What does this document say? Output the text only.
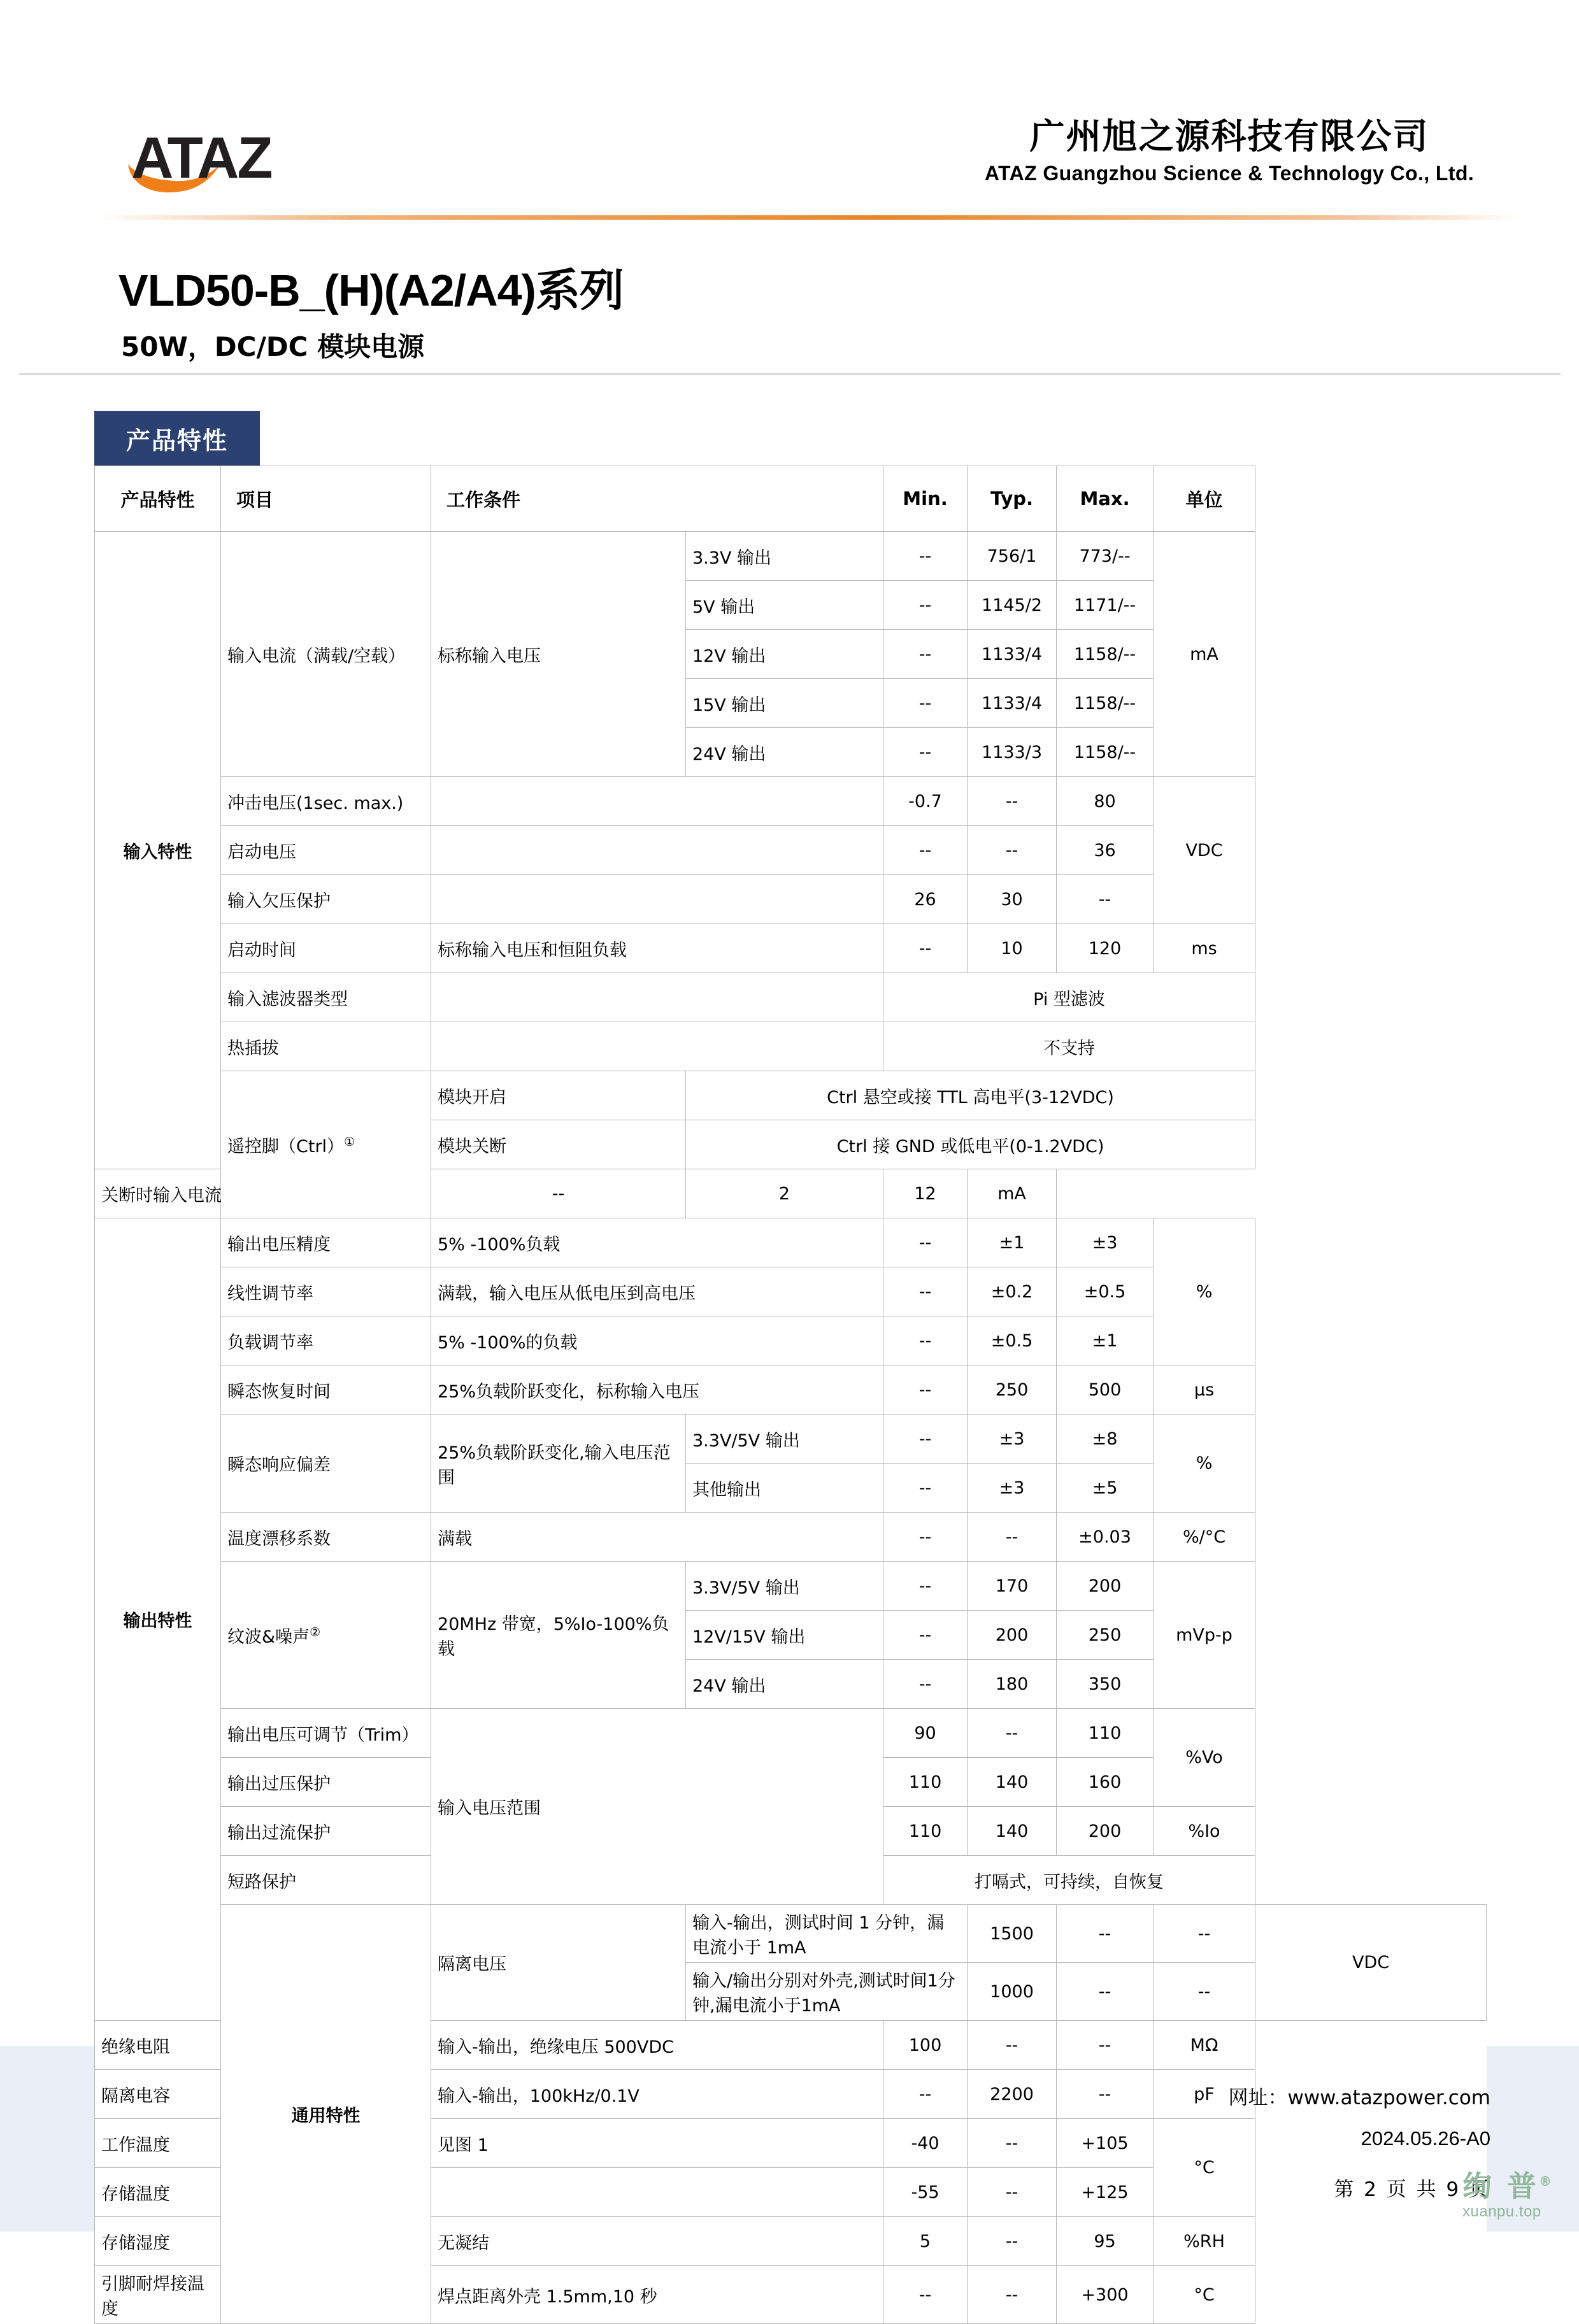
ATAZ	广州旭之源科技有限公司
ATAZ Guangzhou Science & Technology Co., Ltd.
VLD50-B_(H)(A2/A4)系列
50W，DC/DC 模块电源
产品特性
产品特性	项目	工作条件		Min.	Typ.	Max.	单位	
输入特性	输入电流（满载/空载）	标称输入电压	3.3V 输出	--	756/1	773/--	mA	
			5V 输出	--	1145/2	1171/--		
			12V 输出	--	1133/4	1158/--		
			15V 输出	--	1133/4	1158/--		
			24V 输出	--	1133/3	1158/--		
	冲击电压(1sec. max.)			-0.7	--	80	VDC	
	启动电压			--	--	36		
	输入欠压保护			26	30	--		
	启动时间	标称输入电压和恒阻负载		--	10	120	ms	
	输入滤波器类型			Pi 型滤波				
	热插拔			不支持				
	遥控脚（Ctrl）①	模块开启	Ctrl 悬空或接 TTL 高电平(3-12VDC)					
		模块关断	Ctrl 接 GND 或低电平(0-1.2VDC)					
关断时输入电流		--	2	12	mA			
输出特性	输出电压精度	5% -100%负载		--	±1	±3	%	
	线性调节率	满载，输入电压从低电压到高电压		--	±0.2	±0.5		
	负载调节率	5% -100%的负载		--	±0.5	±1		
	瞬态恢复时间	25%负载阶跃变化，标称输入电压		--	250	500	μs	
	瞬态响应偏差	25%负载阶跃变化,输入电压范围	3.3V/5V 输出	--	±3	±8	%	
			其他输出	--	±3	±5		
	温度漂移系数	满载		--	--	±0.03	%/°C	
	纹波&噪声②	20MHz 带宽，5%Io-100%负载	3.3V/5V 输出	--	170	200	mVp-p	
			12V/15V 输出	--	200	250		
			24V 输出	--	180	350		
	输出电压可调节（Trim）	输入电压范围		90	--	110	%Vo	
	输出过压保护			110	140	160		
	输出过流保护			110	140	200	%Io	
	短路保护			打嗝式，可持续，自恢复				
	通用特性	隔离电压	输入-输出，测试时间 1 分钟，漏电流小于 1mA		1500	--	--	VDC
			输入/输出分别对外壳,测试时间1分钟,漏电流小于1mA		1000	--	--	
绝缘电阻		输入-输出，绝缘电压 500VDC		100	--	--	MΩ	
隔离电容		输入-输出，100kHz/0.1V		--	2200	--	pF	
工作温度		见图 1		-40	--	+105	°C	
存储温度				-55	--	+125		
存储湿度		无凝结		5	--	95	%RH	
引脚耐焊接温度		焊点距离外壳 1.5mm,10 秒		--	--	+300	°C	
网址：www.atazpower.com
2024.05.26-A0
第 2 页 共 9 页
绚 普®
xuanpu.top
